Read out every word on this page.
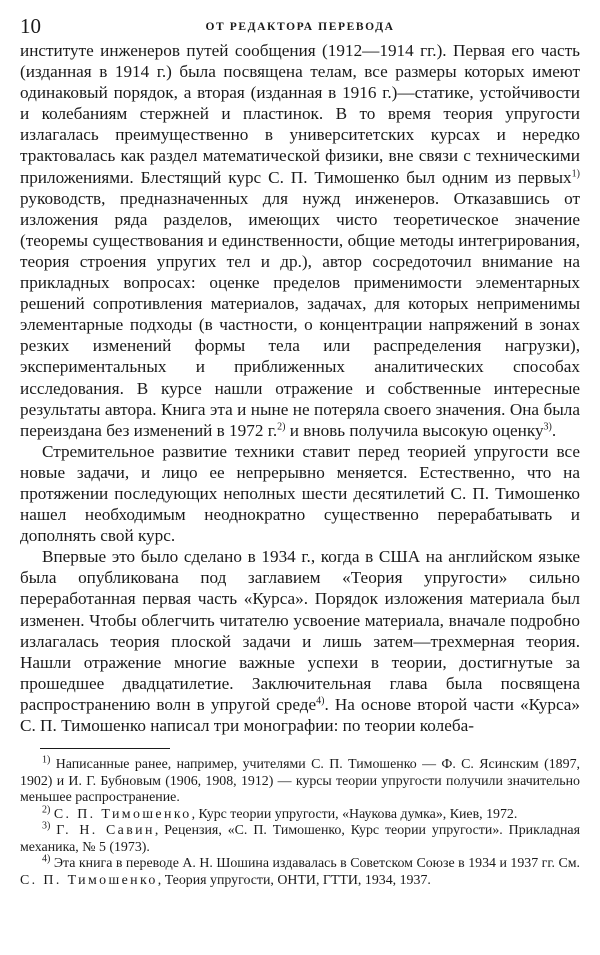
10	ОТ РЕДАКТОРА ПЕРЕВОДА

институте инженеров путей сообщения (1912—1914 гг.). Первая его часть (изданная в 1914 г.) была посвящена телам, все размеры которых имеют одинаковый порядок, а вторая (изданная в 1916 г.)—статике, устойчивости и колебаниям стержней и пластинок. В то время теория упругости излагалась преимущественно в университетских курсах и нередко трактовалась как раздел математической физики, вне связи с техническими приложениями. Блестящий курс С. П. Тимошенко был одним из первых$^{1)}$ руководств, предназначенных для нужд инженеров. Отказавшись от изложения ряда разделов, имеющих чисто теоретическое значение (теоремы существования и единственности, общие методы интегрирования, теория строения упругих тел и др.), автор сосредоточил внимание на прикладных вопросах: оценке пределов применимости элементарных решений сопротивления материалов, задачах, для которых неприменимы элементарные подходы (в частности, о концентрации напряжений в зонах резких изменений формы тела или распределения нагрузки), экспериментальных и приближенных аналитических способах исследования. В курсе нашли отражение и собственные интересные результаты автора. Книга эта и ныне не потеряла своего значения. Она была переиздана без изменений в 1972 г.$^{2)}$ и вновь получила высокую оценку$^{3)}$.

Стремительное развитие техники ставит перед теорией упругости все новые задачи, и лицо ее непрерывно меняется. Естественно, что на протяжении последующих неполных шести десятилетий С. П. Тимошенко нашел необходимым неоднократно существенно перерабатывать и дополнять свой курс.

Впервые это было сделано в 1934 г., когда в США на английском языке была опубликована под заглавием «Теория упругости» сильно переработанная первая часть «Курса». Порядок изложения материала был изменен. Чтобы облегчить читателю усвоение материала, вначале подробно излагалась теория плоской задачи и лишь затем—трехмерная теория. Нашли отражение многие важные успехи в теории, достигнутые за прошедшее двадцатилетие. Заключительная глава была посвящена распространению волн в упругой среде$^{4)}$. На основе второй части «Курса» С. П. Тимошенко написал три монографии: по теории колеба-

$^{1)}$ Написанные ранее, например, учителями С. П. Тимошенко — Ф. С. Ясинским (1897, 1902) и И. Г. Бубновым (1906, 1908, 1912) — курсы теории упругости получили значительно меньшее распространение.

$^{2)}$ С. П. Тимошенко, Курс теории упругости, «Наукова думка», Киев, 1972.

$^{3)}$ Г. Н. Савин, Рецензия, «С. П. Тимошенко, Курс теории упругости». Прикладная механика, № 5 (1973).

$^{4)}$ Эта книга в переводе А. Н. Шошина издавалась в Советском Союзе в 1934 и 1937 гг. См. С. П. Тимошенко, Теория упругости, ОНТИ, ГТТИ, 1934, 1937.
